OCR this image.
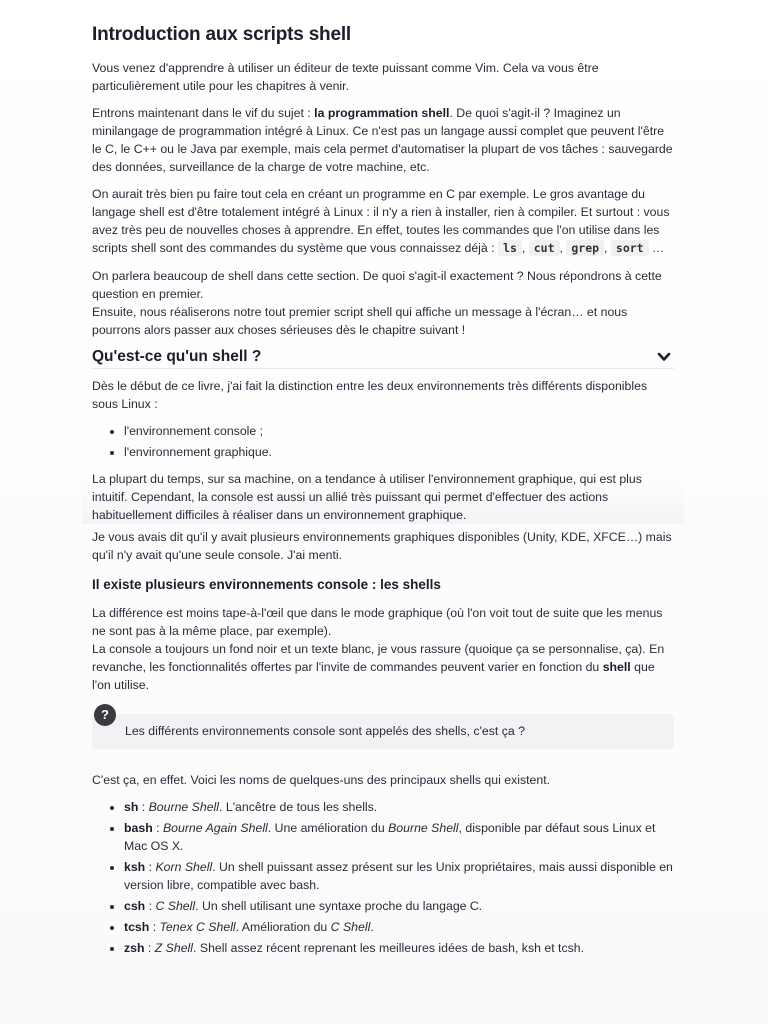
Introduction aux scripts shell

Vous venez d'apprendre à utiliser un éditeur de texte puissant comme Vim. Cela va vous être particulièrement utile pour les chapitres à venir.

Entrons maintenant dans le vif du sujet : la programmation shell. De quoi s'agit-il ? Imaginez un minilangage de programmation intégré à Linux. Ce n'est pas un langage aussi complet que peuvent l'être le C, le C++ ou le Java par exemple, mais cela permet d'automatiser la plupart de vos tâches : sauvegarde des données, surveillance de la charge de votre machine, etc.

On aurait très bien pu faire tout cela en créant un programme en C par exemple. Le gros avantage du langage shell est d'être totalement intégré à Linux : il n'y a rien à installer, rien à compiler. Et surtout : vous avez très peu de nouvelles choses à apprendre. En effet, toutes les commandes que l'on utilise dans les scripts shell sont des commandes du système que vous connaissez déjà : ls , cut , grep , sort …

On parlera beaucoup de shell dans cette section. De quoi s'agit-il exactement ? Nous répondrons à cette question en premier.

Ensuite, nous réaliserons notre tout premier script shell qui affiche un message à l'écran… et nous pourrons alors passer aux choses sérieuses dès le chapitre suivant !

Qu'est-ce qu'un shell ?

Dès le début de ce livre, j'ai fait la distinction entre les deux environnements très différents disponibles sous Linux :

• l'environnement console ;
• l'environnement graphique.

La plupart du temps, sur sa machine, on a tendance à utiliser l'environnement graphique, qui est plus intuitif. Cependant, la console est aussi un allié très puissant qui permet d'effectuer des actions habituellement difficiles à réaliser dans un environnement graphique.

Je vous avais dit qu'il y avait plusieurs environnements graphiques disponibles (Unity, KDE, XFCE…) mais qu'il n'y avait qu'une seule console. J'ai menti.

Il existe plusieurs environnements console : les shells

La différence est moins tape-à-l'œil que dans le mode graphique (où l'on voit tout de suite que les menus ne sont pas à la même place, par exemple).

La console a toujours un fond noir et un texte blanc, je vous rassure (quoique ça se personnalise, ça). En revanche, les fonctionnalités offertes par l'invite de commandes peuvent varier en fonction du shell que l'on utilise.

?
Les différents environnements console sont appelés des shells, c'est ça ?

C'est ça, en effet. Voici les noms de quelques-uns des principaux shells qui existent.

• sh : Bourne Shell. L'ancêtre de tous les shells.
• bash : Bourne Again Shell. Une amélioration du Bourne Shell, disponible par défaut sous Linux et Mac OS X.
• ksh : Korn Shell. Un shell puissant assez présent sur les Unix propriétaires, mais aussi disponible en version libre, compatible avec bash.
• csh : C Shell. Un shell utilisant une syntaxe proche du langage C.
• tcsh : Tenex C Shell. Amélioration du C Shell.
• zsh : Z Shell. Shell assez récent reprenant les meilleures idées de bash, ksh et tcsh.
